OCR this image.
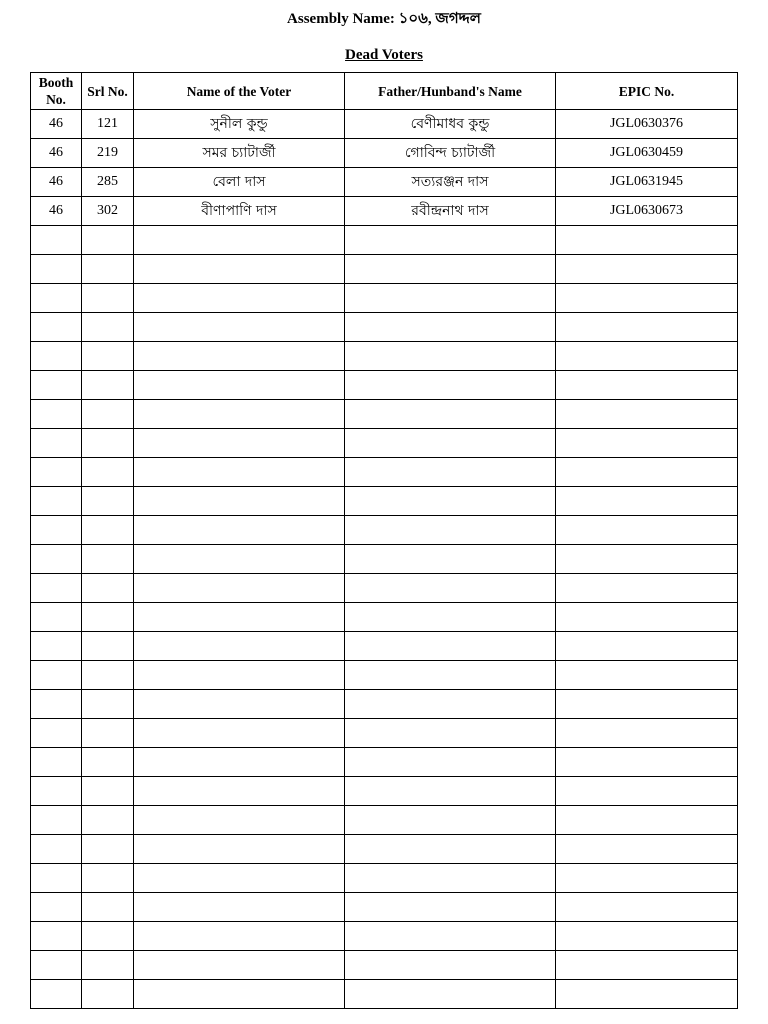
Assembly Name: ১০৬, জগদ্দল
Dead Voters
Booth No.	Srl No.	Name of the Voter	Father/Hunband's Name	EPIC No.
46	121	সুনীল কুন্ডু	বেণীমাধব কুন্ডু	JGL0630376
46	219	সমর চ্যাটার্জী	গোবিন্দ চ্যাটার্জী	JGL0630459
46	285	বেলা দাস	সত্যরঞ্জন দাস	JGL0631945
46	302	বীণাপাণি দাস	রবীন্দ্রনাথ দাস	JGL0630673
